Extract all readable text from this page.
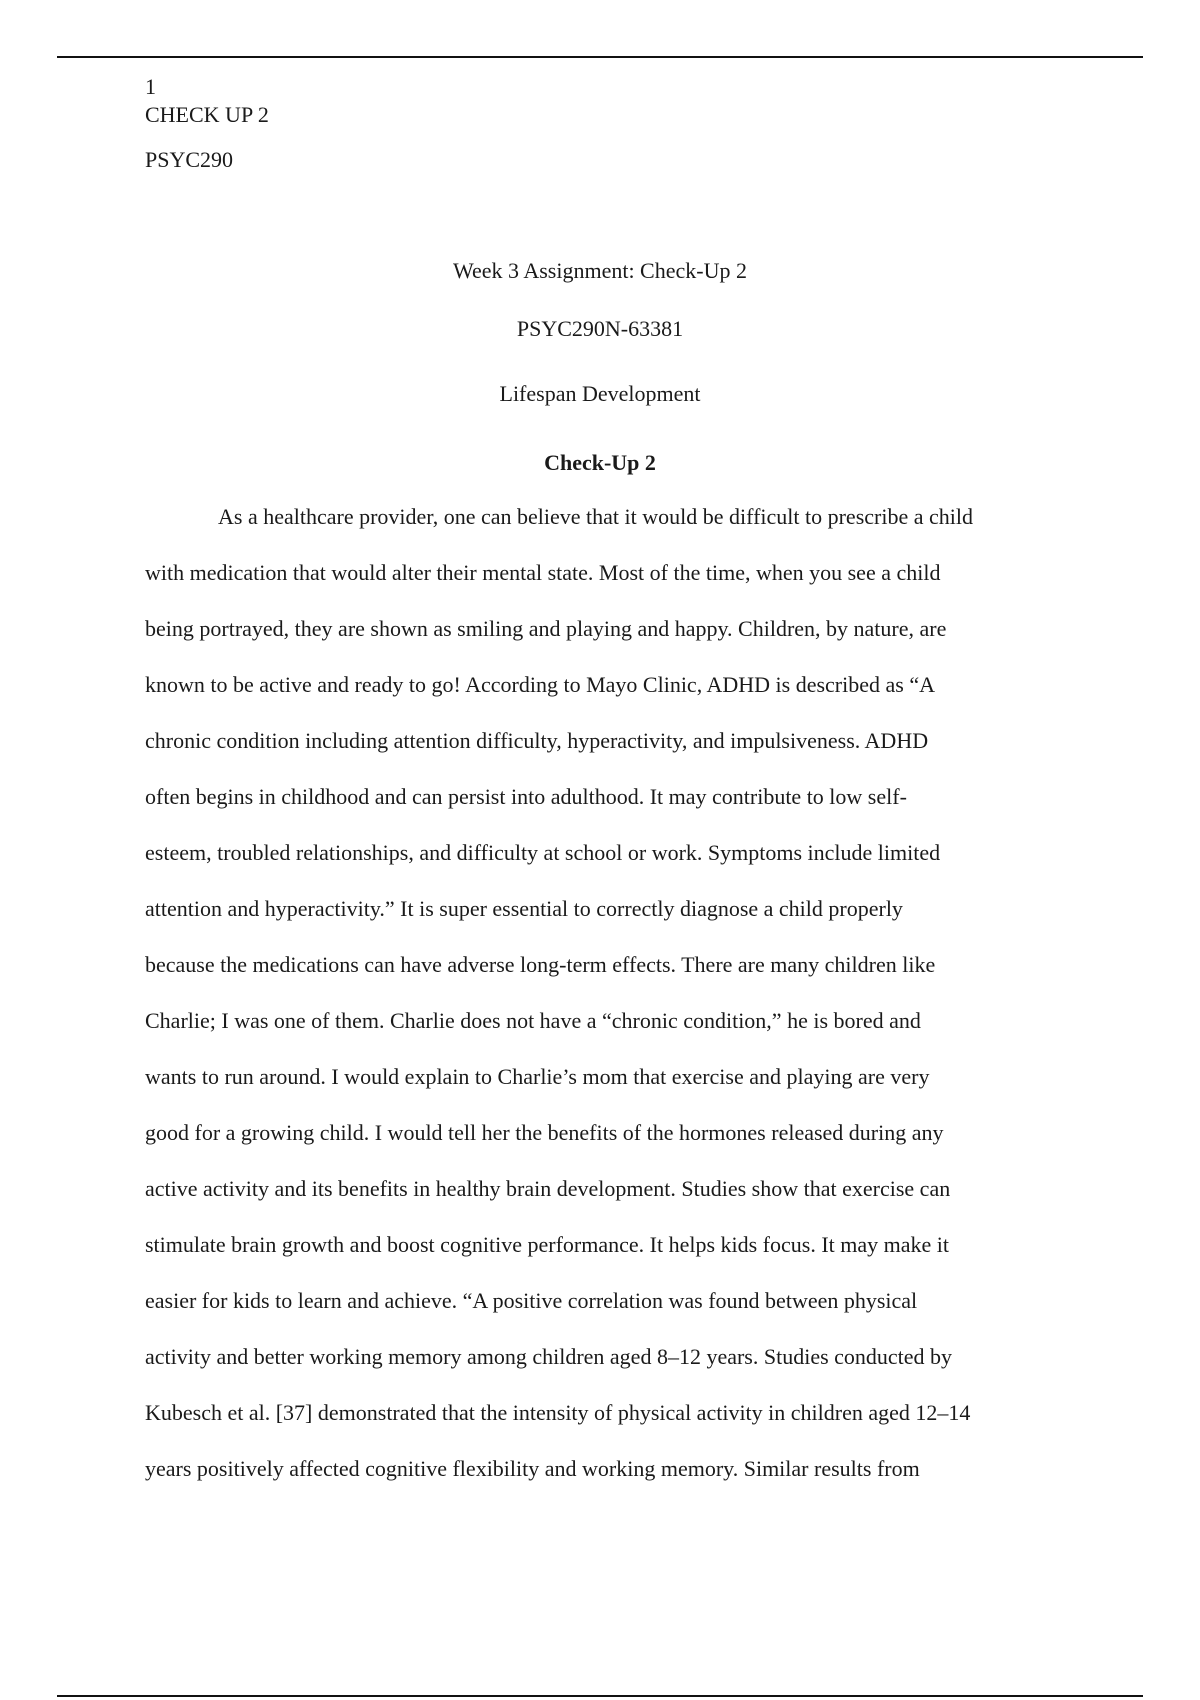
1
CHECK UP 2
PSYC290
Week 3 Assignment: Check-Up 2
PSYC290N-63381
Lifespan Development
Check-Up 2
As a healthcare provider, one can believe that it would be difficult to prescribe a child
with medication that would alter their mental state. Most of the time, when you see a child
being portrayed, they are shown as smiling and playing and happy. Children, by nature, are
known to be active and ready to go! According to Mayo Clinic, ADHD is described as “A
chronic condition including attention difficulty, hyperactivity, and impulsiveness. ADHD
often begins in childhood and can persist into adulthood. It may contribute to low self-
esteem, troubled relationships, and difficulty at school or work. Symptoms include limited
attention and hyperactivity.” It is super essential to correctly diagnose a child properly
because the medications can have adverse long-term effects. There are many children like
Charlie; I was one of them. Charlie does not have a “chronic condition,” he is bored and
wants to run around. I would explain to Charlie’s mom that exercise and playing are very
good for a growing child. I would tell her the benefits of the hormones released during any
active activity and its benefits in healthy brain development. Studies show that exercise can
stimulate brain growth and boost cognitive performance. It helps kids focus. It may make it
easier for kids to learn and achieve. “A positive correlation was found between physical
activity and better working memory among children aged 8–12 years. Studies conducted by
Kubesch et al. [37] demonstrated that the intensity of physical activity in children aged 12–14
years positively affected cognitive flexibility and working memory. Similar results from
